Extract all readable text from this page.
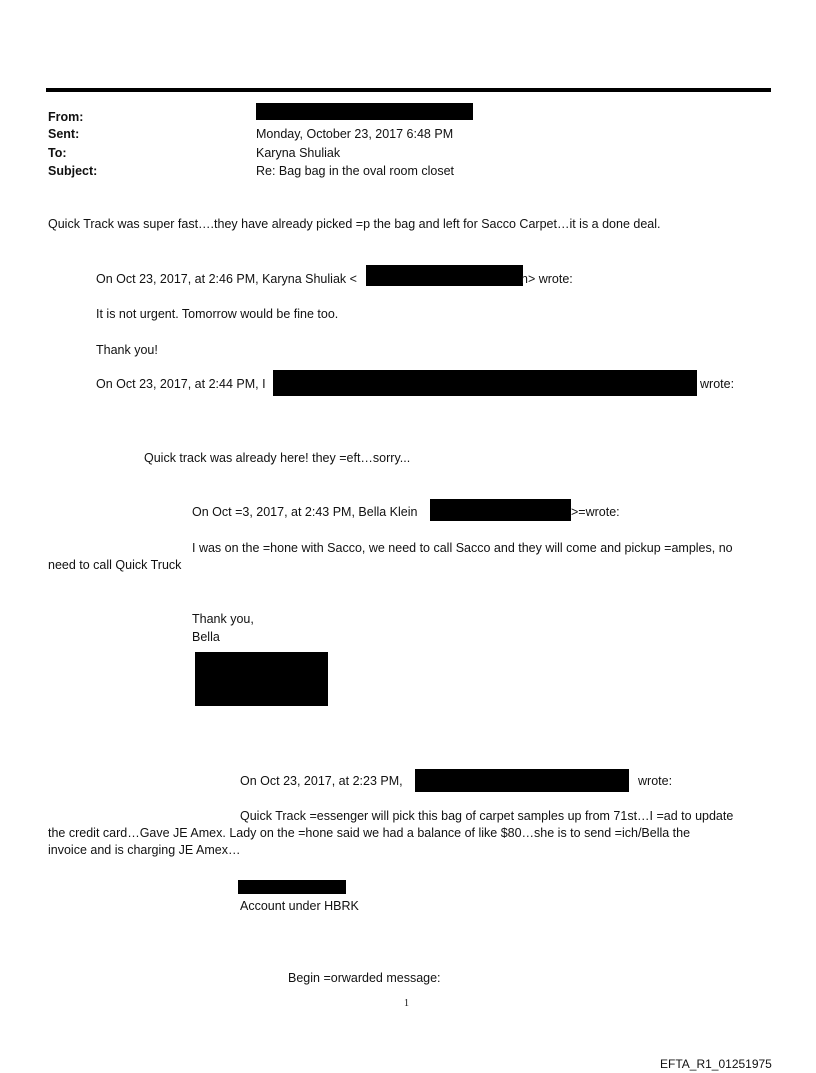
From:
Sent:	Monday, October 23, 2017 6:48 PM
To:	Karyna Shuliak
Subject:	Re: Bag bag in the oval room closet
Quick Track was super fast….they have already picked =p the bag and left for Sacco Carpet…it is a done deal.
On Oct 23, 2017, at 2:46 PM, Karyna Shuliak <	n> wrote:
It is not urgent. Tomorrow would be fine too.
Thank you!
On Oct 23, 2017, at 2:44 PM, I	wrote:
Quick track was already here! they =eft…sorry...
On Oct =3, 2017, at 2:43 PM, Bella Klein	>=wrote:
I was on the =hone with Sacco, we need to call Sacco and they will come and pickup =amples, no
need to call Quick Truck
Thank you,
Bella
On Oct 23, 2017, at 2:23 PM,	wrote:
Quick Track =essenger will pick this bag of carpet samples up from 71st…I =ad to update
the credit card…Gave JE Amex. Lady on the =hone said we had a balance of like $80…she is to send =ich/Bella the
invoice and is charging JE Amex…
Account under HBRK
Begin =orwarded message:
1
EFTA_R1_01251975
